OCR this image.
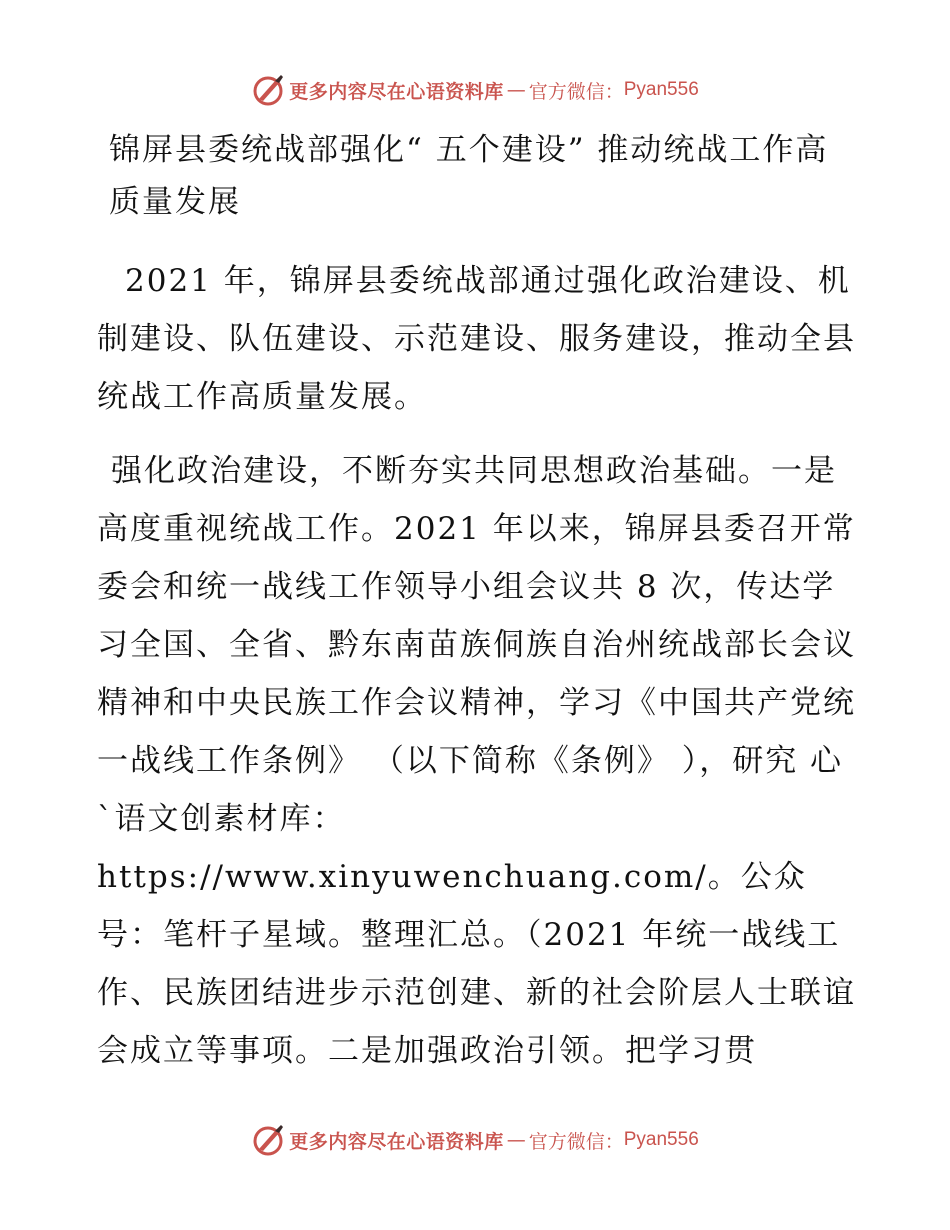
更多内容尽在心语资料库 — 官方微信： Pyan556
锦屏县委统战部强化“ 五个建设” 推动统战工作高质量发展

2021 年，锦屏县委统战部通过强化政治建设、机制建设、队伍建设、示范建设、服务建设，推动全县统战工作高质量发展。

强化政治建设，不断夯实共同思想政治基础。一是高度重视统战工作。2021 年以来，锦屏县委召开常委会和统一战线工作领导小组会议共 8 次，传达学习全国、全省、黔东南苗族侗族自治州统战部长会议精神和中央民族工作会议精神，学习《中国共产党统一战线工作条例》 （以下简称《条例》 ），研究 心`语文创素材库：https://www.xinyuwenchuang.com/。公众号：笔杆子星域。整理汇总。（2021 年统一战线工作、民族团结进步示范创建、新的社会阶层人士联谊会成立等事项。二是加强政治引领。把学习贯

更多内容尽在心语资料库 — 官方微信： Pyan556
